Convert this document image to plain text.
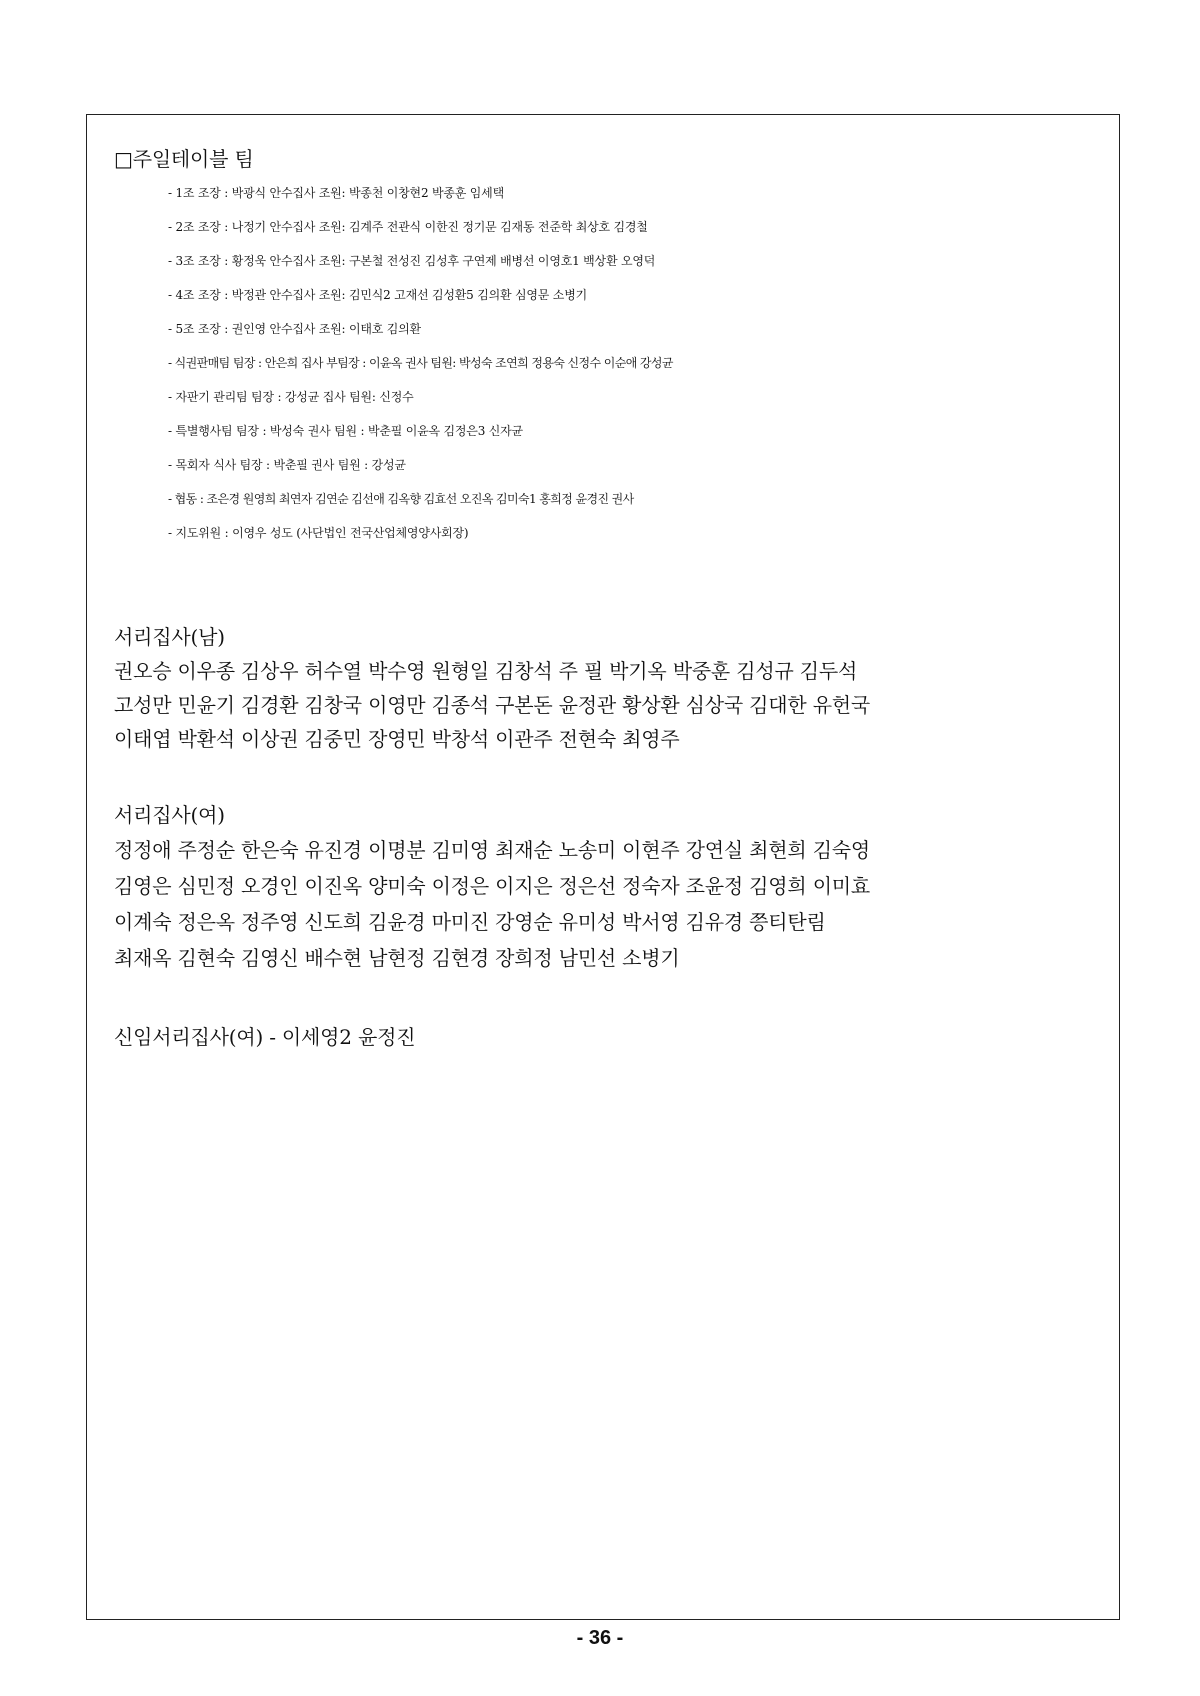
□주일테이블 팀
- 1조 조장 : 박광식 안수집사 조원: 박종천 이창현2 박종훈 임세택
- 2조 조장 : 나정기 안수집사 조원: 김계주 전관식 이한진 정기문 김재동 전준학 최상호 김경철
- 3조 조장 : 황정욱 안수집사 조원: 구본철 전성진 김성후 구연제 배병선 이영호1 백상환 오영덕
- 4조 조장 : 박정관 안수집사 조원: 김민식2 고재선 김성환5 김의환 심영문 소병기
- 5조 조장 : 권인영 안수집사 조원: 이태호 김의환
- 식권판매팀 팀장 : 안은희 집사 부팀장 : 이윤옥 권사 팀원: 박성숙 조연희 정용숙 신정수 이순애 강성균
- 자판기 관리팀 팀장 : 강성균 집사 팀원: 신정수
- 특별행사팀 팀장 : 박성숙 권사 팀원 : 박춘필 이윤옥 김정은3 신자균
- 목회자 식사 팀장 : 박춘필 권사 팀원 : 강성균
- 협동 : 조은경 원영희 최연자 김연순 김선애 김옥향 김효선 오진옥 김미숙1 홍희정 윤경진 권사
- 지도위원 : 이영우 성도 (사단법인 전국산업체영양사회장)
서리집사(남)
권오승 이우종 김상우 허수열 박수영 원형일 김창석 주 필 박기옥 박중훈 김성규 김두석
고성만 민윤기 김경환 김창국 이영만 김종석 구본돈 윤정관 황상환 심상국 김대한 유헌국
이태엽 박환석 이상권 김중민 장영민 박창석 이관주 전현숙 최영주
서리집사(여)
정정애 주정순 한은숙 유진경 이명분 김미영 최재순 노송미 이현주 강연실 최현희 김숙영
김영은 심민정 오경인 이진옥 양미숙 이정은 이지은 정은선 정숙자 조윤정 김영희 이미효
이계숙 정은옥 정주영 신도희 김윤경 마미진 강영순 유미성 박서영 김유경 쯩티탄림
최재옥 김현숙 김영신 배수현 남현정 김현경 장희정 남민선 소병기
신임서리집사(여) - 이세영2 윤정진
- 36 -
